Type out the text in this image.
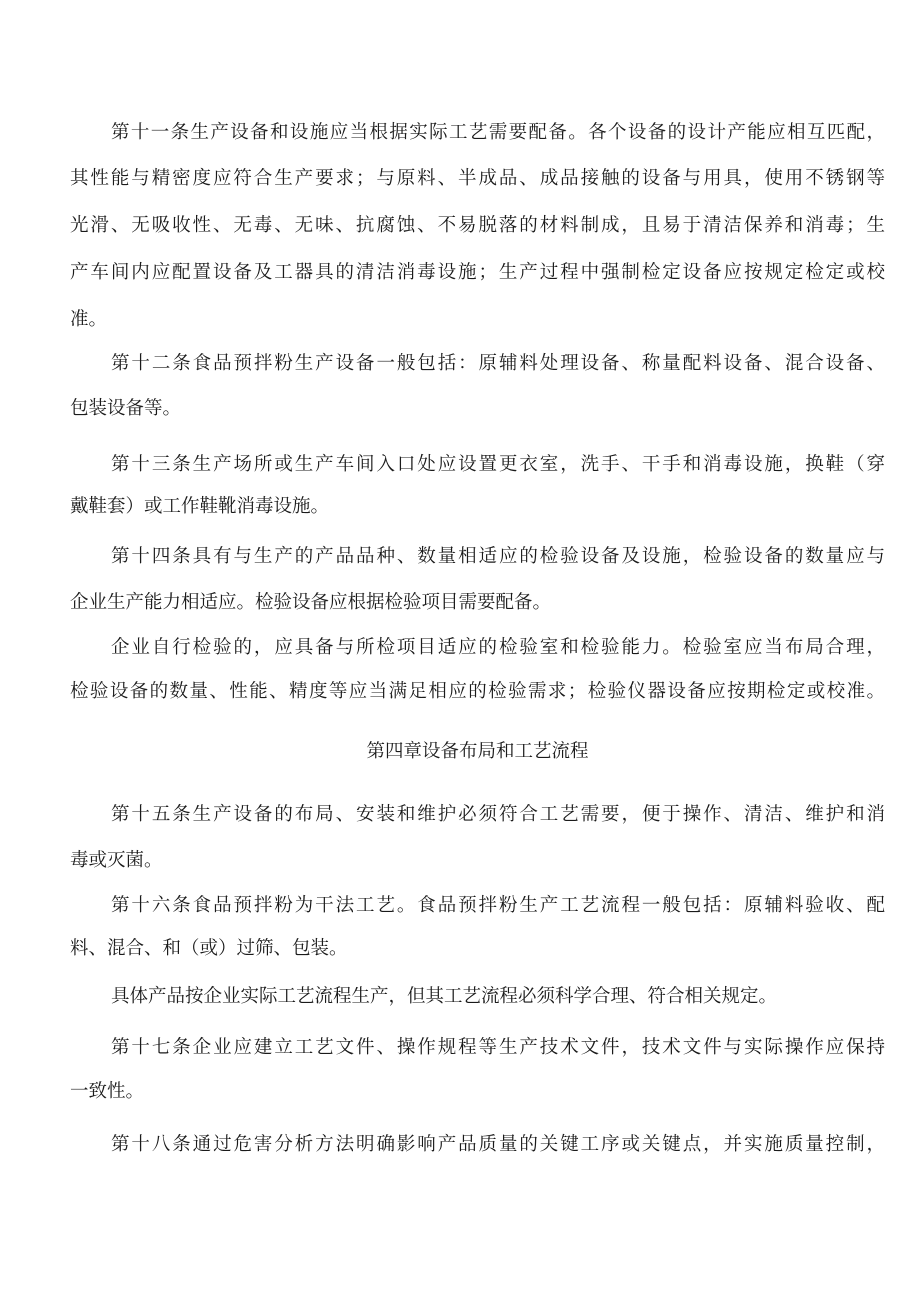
第十一条生产设备和设施应当根据实际工艺需要配备。各个设备的设计产能应相互匹配，
其性能与精密度应符合生产要求；与原料、半成品、成品接触的设备与用具，使用不锈钢等
光滑、无吸收性、无毒、无味、抗腐蚀、不易脱落的材料制成，且易于清洁保养和消毒；生
产车间内应配置设备及工器具的清洁消毒设施；生产过程中强制检定设备应按规定检定或校
准。
第十二条食品预拌粉生产设备一般包括：原辅料处理设备、称量配料设备、混合设备、
包装设备等。
第十三条生产场所或生产车间入口处应设置更衣室，洗手、干手和消毒设施，换鞋（穿
戴鞋套）或工作鞋靴消毒设施。
第十四条具有与生产的产品品种、数量相适应的检验设备及设施，检验设备的数量应与
企业生产能力相适应。检验设备应根据检验项目需要配备。
企业自行检验的，应具备与所检项目适应的检验室和检验能力。检验室应当布局合理，
检验设备的数量、性能、精度等应当满足相应的检验需求；检验仪器设备应按期检定或校准。
第四章设备布局和工艺流程
第十五条生产设备的布局、安装和维护必须符合工艺需要，便于操作、清洁、维护和消
毒或灭菌。
第十六条食品预拌粉为干法工艺。食品预拌粉生产工艺流程一般包括：原辅料验收、配
料、混合、和（或）过筛、包装。
具体产品按企业实际工艺流程生产，但其工艺流程必须科学合理、符合相关规定。
第十七条企业应建立工艺文件、操作规程等生产技术文件，技术文件与实际操作应保持
一致性。
第十八条通过危害分析方法明确影响产品质量的关键工序或关键点，并实施质量控制，
